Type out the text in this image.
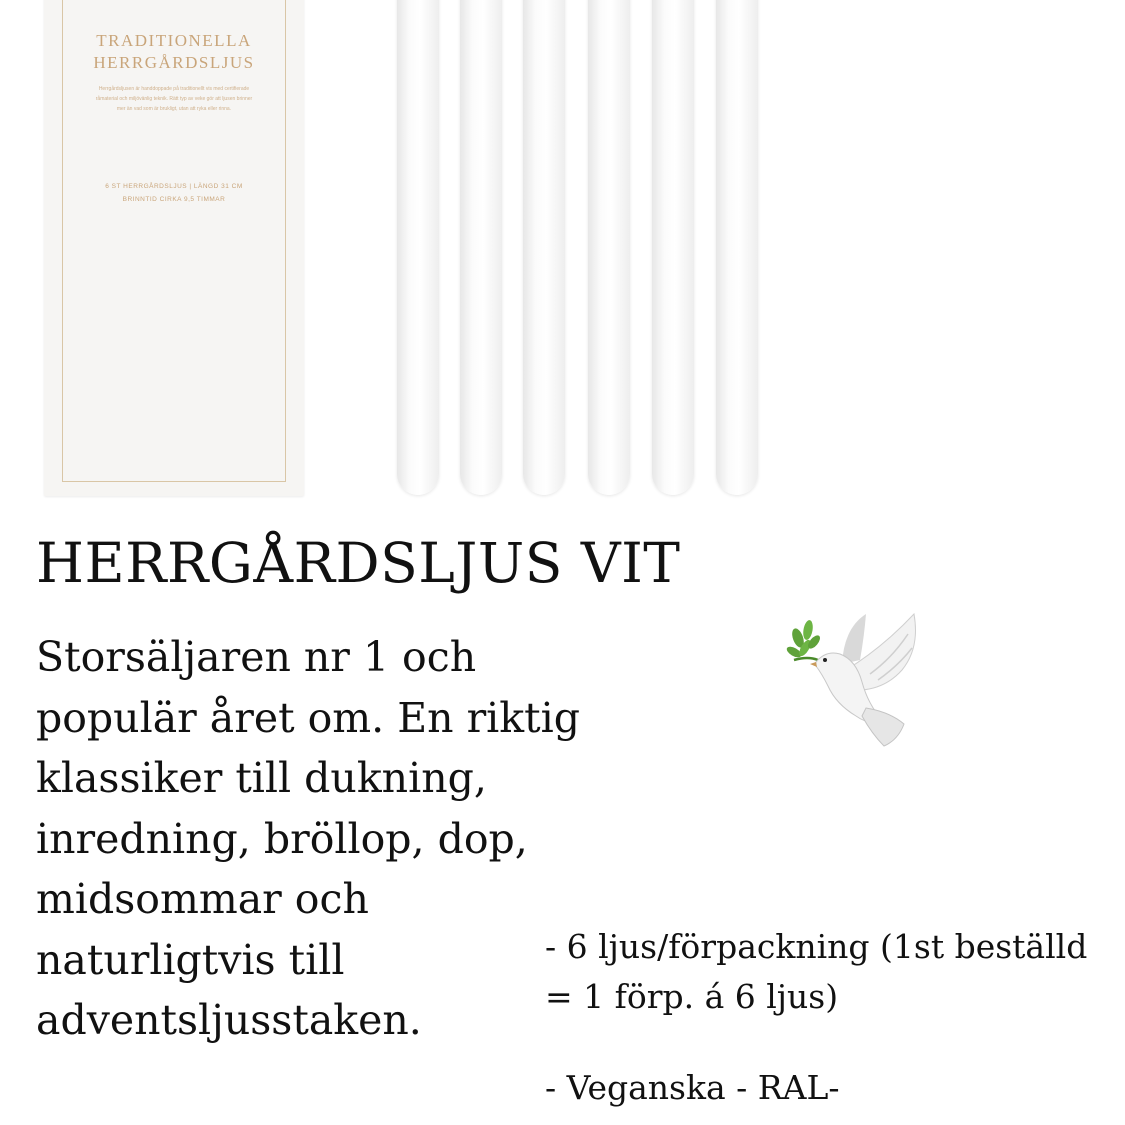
TRADITIONELLA HERRGÅRDSLJUS
Herrgårdsljusen är handdoppade på traditionellt vis med certifierade råmaterial och miljövänlig teknik. Rätt typ av veke gör att ljusen brinner mer än vad som är brukligt, utan att ryka eller rinna.
6 ST HERRGÅRDSLJUS | LÄNGD 31 CM
BRINNTID CIRKA 9,5 TIMMAR
HERRGÅRDSLJUS VIT

Storsäljaren nr 1 och populär året om. En riktig klassiker till dukning, inredning, bröllop, dop, midsommar och naturligtvis till adventsljusstaken.

- 6 ljus/förpackning (1st beställd = 1 förp. á 6 ljus)
- Veganska - RAL-
